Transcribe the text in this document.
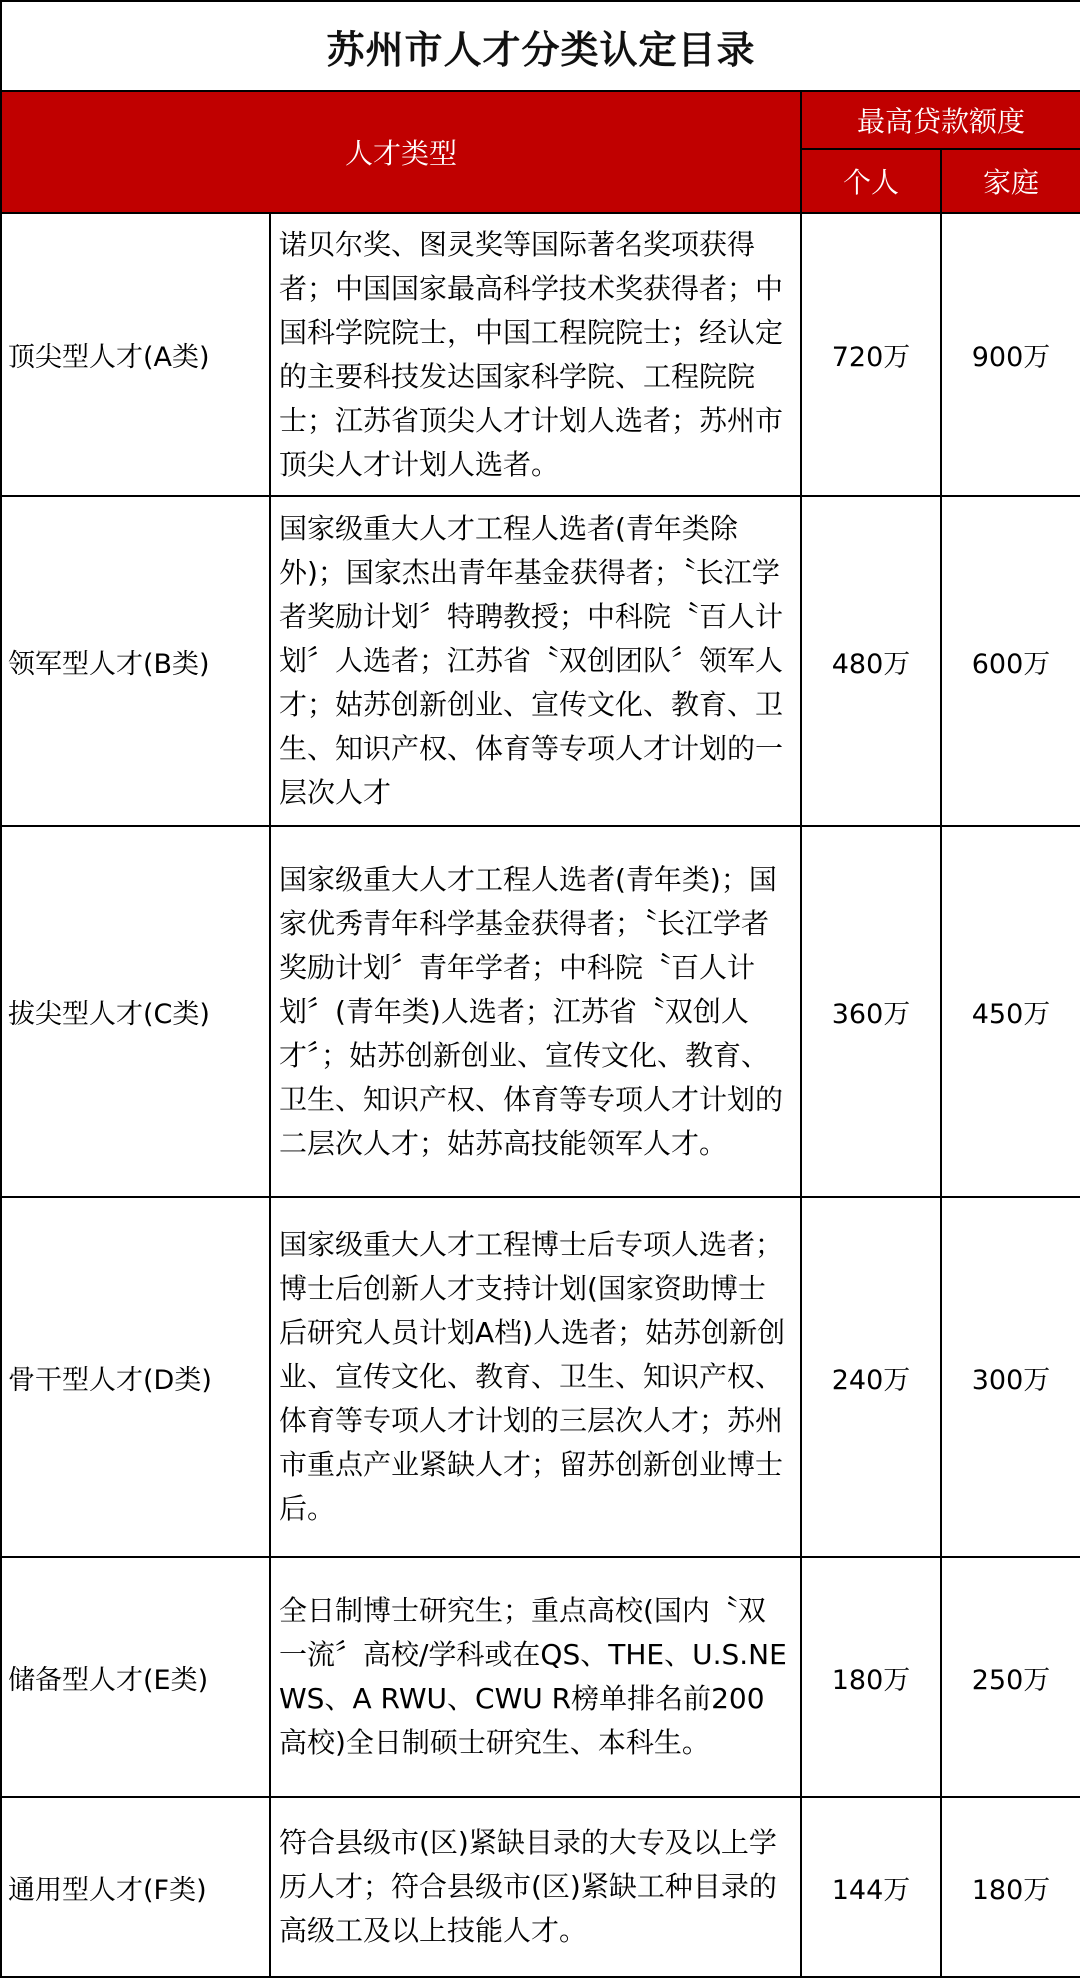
苏州市人才分类认定目录			
人才类型		最高贷款额度	
		个人	家庭
顶尖型人才(A类)	诺贝尔奖、图灵奖等国际著名奖项获得者；中国国家最高科学技术奖获得者；中国科学院院士，中国工程院院士；经认定的主要科技发达国家科学院、工程院院士；江苏省顶尖人才计划人选者；苏州市顶尖人才计划人选者。	720万	900万
领军型人才(B类)	国家级重大人才工程人选者(青年类除外)；国家杰出青年基金获得者；〝长江学者奖励计划〞特聘教授；中科院〝百人计划〞人选者；江苏省〝双创团队〞领军人才；姑苏创新创业、宣传文化、教育、卫生、知识产权、体育等专项人才计划的一层次人才	480万	600万
拔尖型人才(C类)	国家级重大人才工程人选者(青年类)；国家优秀青年科学基金获得者；〝长江学者奖励计划〞青年学者；中科院〝百人计划〞(青年类)人选者；江苏省〝双创人才〞；姑苏创新创业、宣传文化、教育、卫生、知识产权、体育等专项人才计划的二层次人才；姑苏高技能领军人才。	360万	450万
骨干型人才(D类)	国家级重大人才工程博士后专项人选者；博士后创新人才支持计划(国家资助博士后研究人员计划A档)人选者；姑苏创新创业、宣传文化、教育、卫生、知识产权、体育等专项人才计划的三层次人才；苏州市重点产业紧缺人才；留苏创新创业博士后。	240万	300万
储备型人才(E类)	全日制博士研究生；重点高校(国内〝双一流〞高校/学科或在QS、THE、U.S.NEWS、A RWU、CWU R榜单排名前200高校)全日制硕士研究生、本科生。	180万	250万
通用型人才(F类)	符合县级市(区)紧缺目录的大专及以上学历人才；符合县级市(区)紧缺工种目录的高级工及以上技能人才。	144万	180万
